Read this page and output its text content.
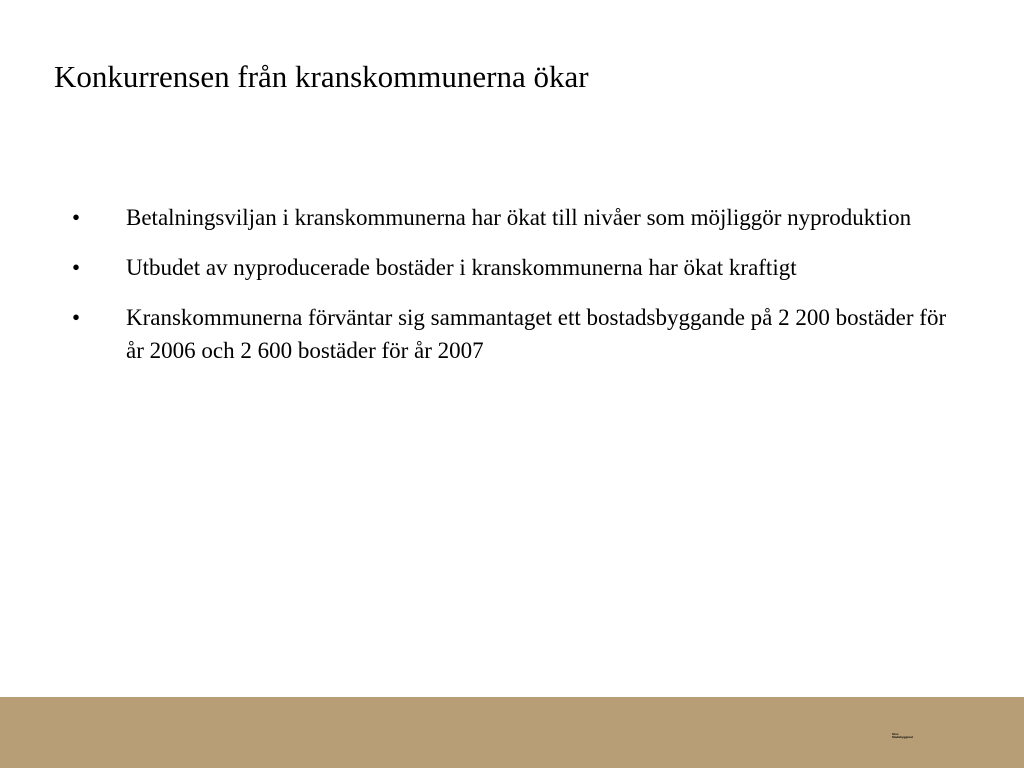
Konkurrensen från kranskommunerna ökar
• Betalningsviljan i kranskommunerna har ökat till nivåer som möjliggör nyproduktion
• Utbudet av nyproducerade bostäder i kranskommunerna har ökat kraftigt
• Kranskommunerna förväntar sig sammantaget ett bostadsbyggande på 2 200 bostäder för år 2006 och 2 600 bostäder för år 2007
Stoc
Stadsbyggnad
